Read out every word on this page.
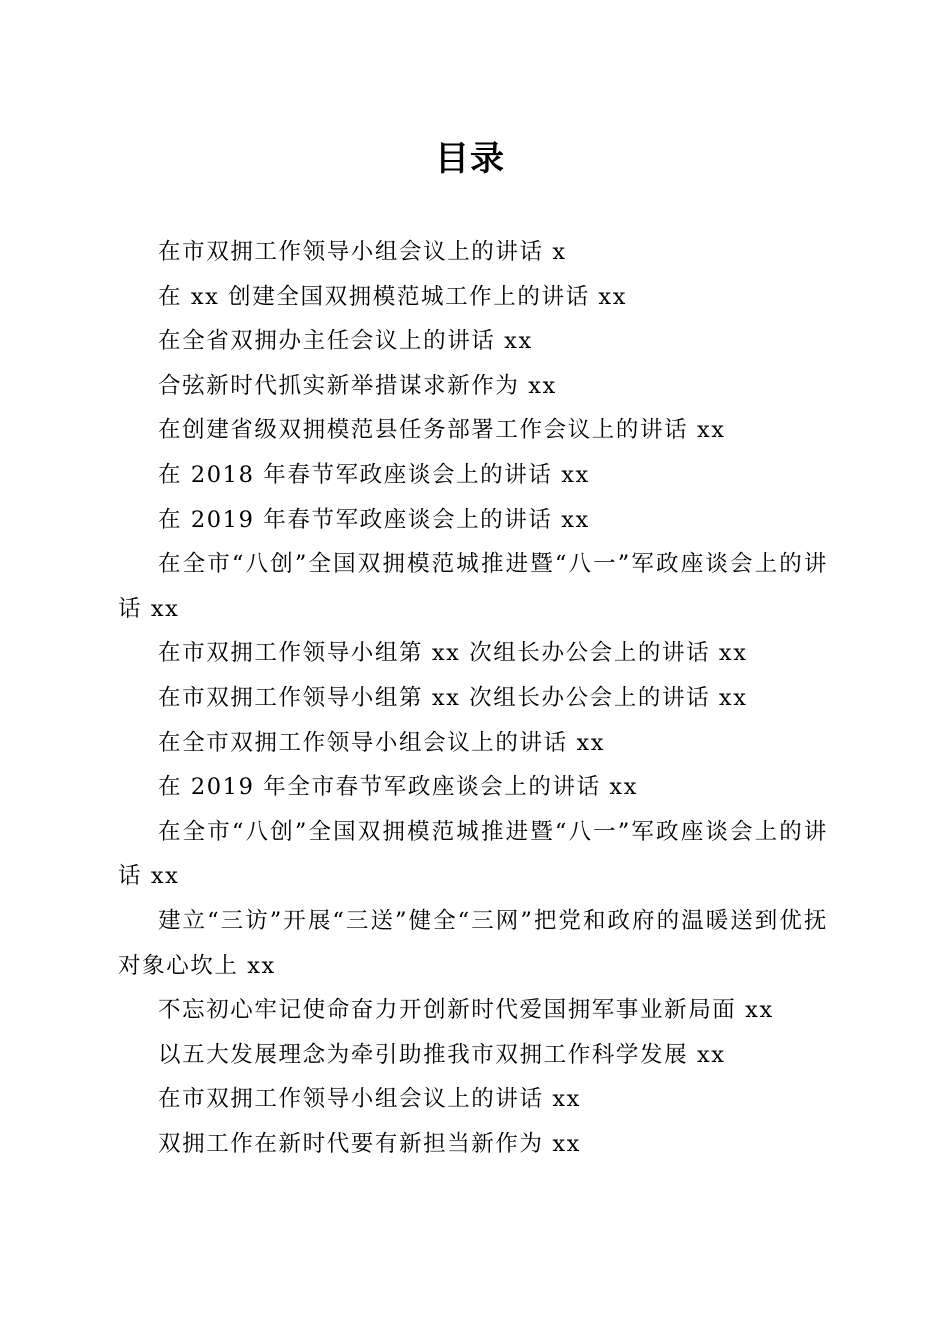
目录
在市双拥工作领导小组会议上的讲话 x
在 xx 创建全国双拥模范城工作上的讲话 xx
在全省双拥办主任会议上的讲话 xx
合弦新时代抓实新举措谋求新作为 xx
在创建省级双拥模范县任务部署工作会议上的讲话 xx
在 2018 年春节军政座谈会上的讲话 xx
在 2019 年春节军政座谈会上的讲话 xx
在全市“八创”全国双拥模范城推进暨“八一”军政座谈会上的讲话 xx
在市双拥工作领导小组第 xx 次组长办公会上的讲话 xx
在市双拥工作领导小组第 xx 次组长办公会上的讲话 xx
在全市双拥工作领导小组会议上的讲话 xx
在 2019 年全市春节军政座谈会上的讲话 xx
在全市“八创”全国双拥模范城推进暨“八一”军政座谈会上的讲话 xx
建立“三访”开展“三送”健全“三网”把党和政府的温暖送到优抚对象心坎上 xx
不忘初心牢记使命奋力开创新时代爱国拥军事业新局面 xx
以五大发展理念为牵引助推我市双拥工作科学发展 xx
在市双拥工作领导小组会议上的讲话 xx
双拥工作在新时代要有新担当新作为 xx
